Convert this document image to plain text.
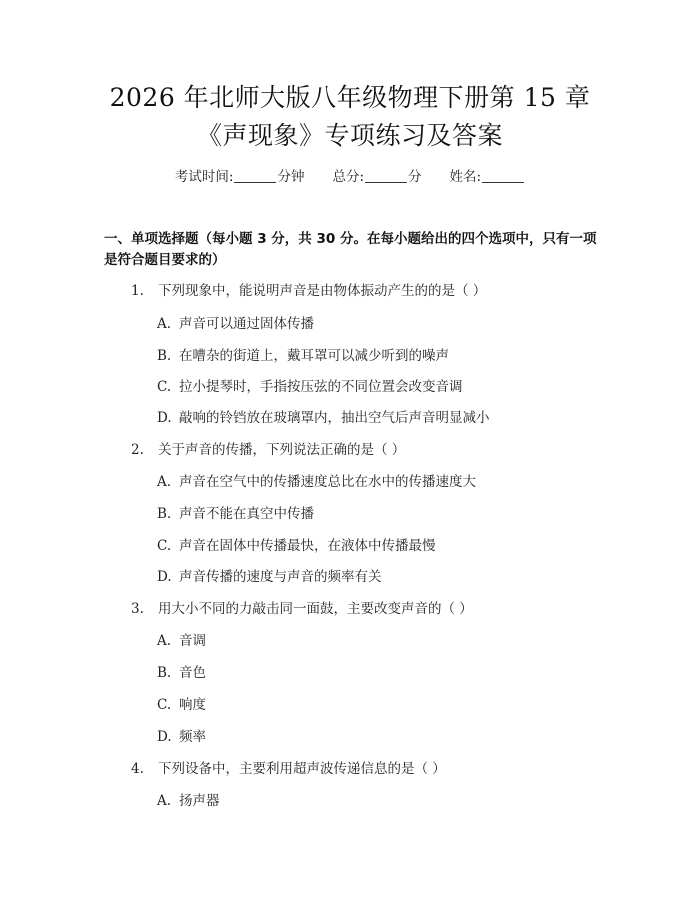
2026 年北师大版八年级物理下册第 15 章
《声现象》专项练习及答案
考试时间:	分钟 总分:	分 姓名:
一、单项选择题（每小题 3 分，共 30 分。在每小题给出的四个选项中，只有一项是符合题目要求的）
1. 下列现象中，能说明声音是由物体振动产生的的是（ ）
A. 声音可以通过固体传播
B. 在嘈杂的街道上，戴耳罩可以减少听到的噪声
C. 拉小提琴时，手指按压弦的不同位置会改变音调
D. 敲响的铃铛放在玻璃罩内，抽出空气后声音明显减小
2. 关于声音的传播，下列说法正确的是（ ）
A. 声音在空气中的传播速度总比在水中的传播速度大
B. 声音不能在真空中传播
C. 声音在固体中传播最快，在液体中传播最慢
D. 声音传播的速度与声音的频率有关
3. 用大小不同的力敲击同一面鼓，主要改变声音的（ ）
A. 音调
B. 音色
C. 响度
D. 频率
4. 下列设备中，主要利用超声波传递信息的是（ ）
A. 扬声器
